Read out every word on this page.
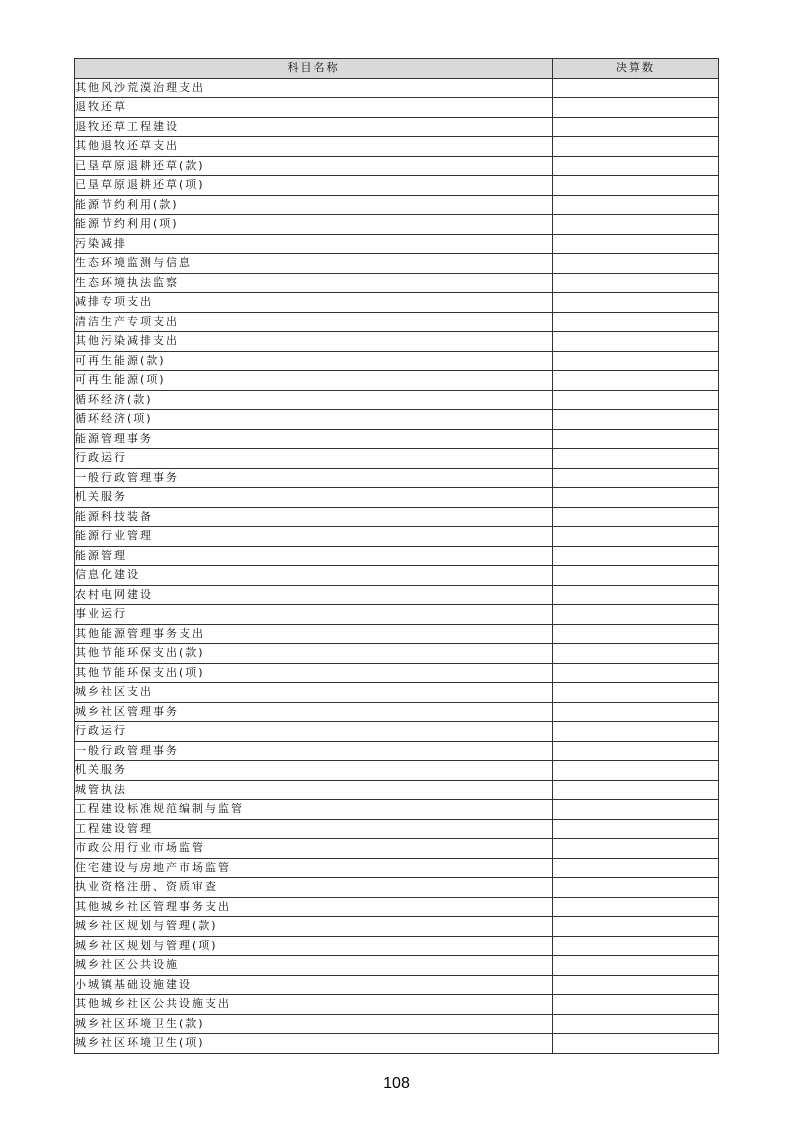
科目名称	决算数
其他风沙荒漠治理支出	
退牧还草	
退牧还草工程建设	
其他退牧还草支出	
已垦草原退耕还草(款)	
已垦草原退耕还草(项)	
能源节约利用(款)	
能源节约利用(项)	
污染减排	
生态环境监测与信息	
生态环境执法监察	
减排专项支出	
清洁生产专项支出	
其他污染减排支出	
可再生能源(款)	
可再生能源(项)	
循环经济(款)	
循环经济(项)	
能源管理事务	
行政运行	
一般行政管理事务	
机关服务	
能源科技装备	
能源行业管理	
能源管理	
信息化建设	
农村电网建设	
事业运行	
其他能源管理事务支出	
其他节能环保支出(款)	
其他节能环保支出(项)	
城乡社区支出	
城乡社区管理事务	
行政运行	
一般行政管理事务	
机关服务	
城管执法	
工程建设标准规范编制与监管	
工程建设管理	
市政公用行业市场监管	
住宅建设与房地产市场监管	
执业资格注册、资质审查	
其他城乡社区管理事务支出	
城乡社区规划与管理(款)	
城乡社区规划与管理(项)	
城乡社区公共设施	
小城镇基础设施建设	
其他城乡社区公共设施支出	
城乡社区环境卫生(款)	
城乡社区环境卫生(项)	
108
